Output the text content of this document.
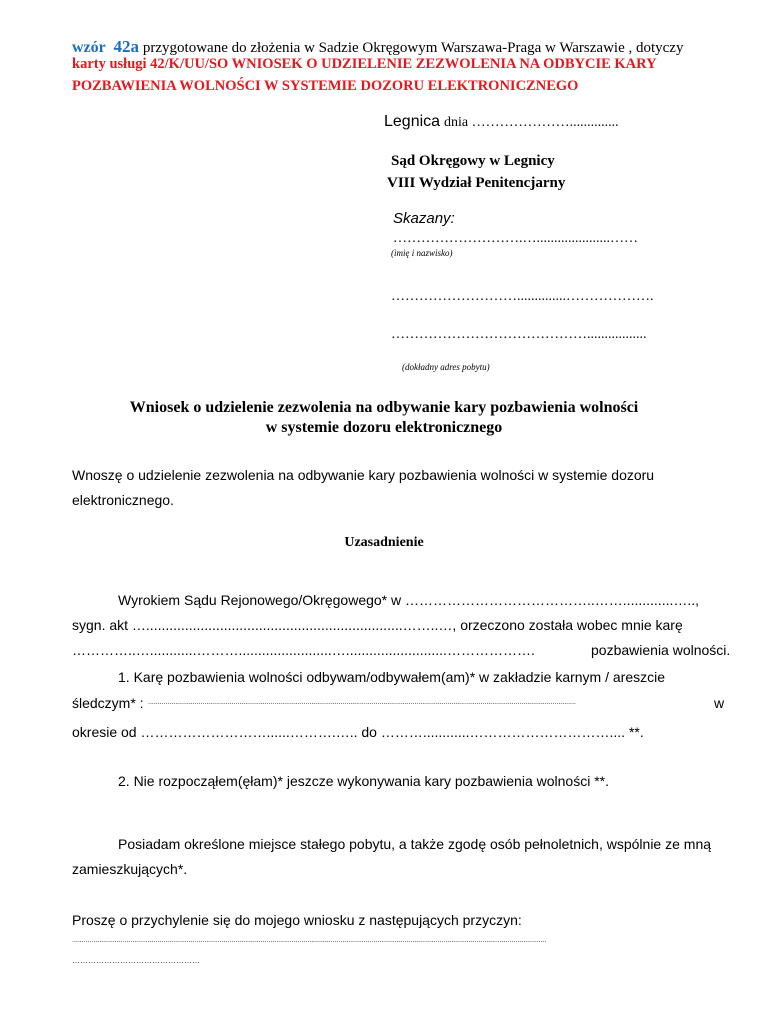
wzór 42a przygotowane do złożenia w Sadzie Okręgowym Warszawa-Praga w Warszawie , dotyczy
karty usługi 42/K/UU/SO WNIOSEK O UDZIELENIE ZEZWOLENIA NA ODBYCIE KARY
POZBAWIENIA WOLNOŚCI W SYSTEMIE DOZORU ELEKTRONICZNEGO
Legnica dnia …………………..............
Sąd Okręgowy w Legnicy
VIII Wydział Penitencjarny
Skazany:
……………………….….....................……
(imię i nazwisko)
………………………..............……………….
…………………………………….................
(dokładny adres pobytu)
Wniosek o udzielenie zezwolenia na odbywanie kary pozbawienia wolności
w systemie dozoru elektronicznego
Wnoszę o udzielenie zezwolenia na odbywanie kary pozbawienia wolności w systemie dozoru
elektronicznego.
Uzasadnienie
Wyrokiem Sądu Rejonowego/Okręgowego* w …………………………………..…….............…..,
sygn. akt …..................................................................……..…, orzeczono została wobec mnie karę
…………..…............………........................…..........................……………….	pozbawienia wolności.
1. Karę pozbawienia wolności odbywam/odbywałem(am)* w zakładzie karnym / areszcie
śledczym* : ............................................................................................................................................................................................................................	w
okresie od ………………………......……….….. do ………............………………………….... **.
2. Nie rozpocząłem(ęłam)* jeszcze wykonywania kary pozbawienia wolności **.
Posiadam określone miejsce stałego pobytu, a także zgodę osób pełnoletnich, wspólnie ze mną
zamieszkujących*.
Proszę o przychylenie się do mojego wniosku z następujących przyczyn:
....................................................................................................................................................................................................................................................
…………………………………………
